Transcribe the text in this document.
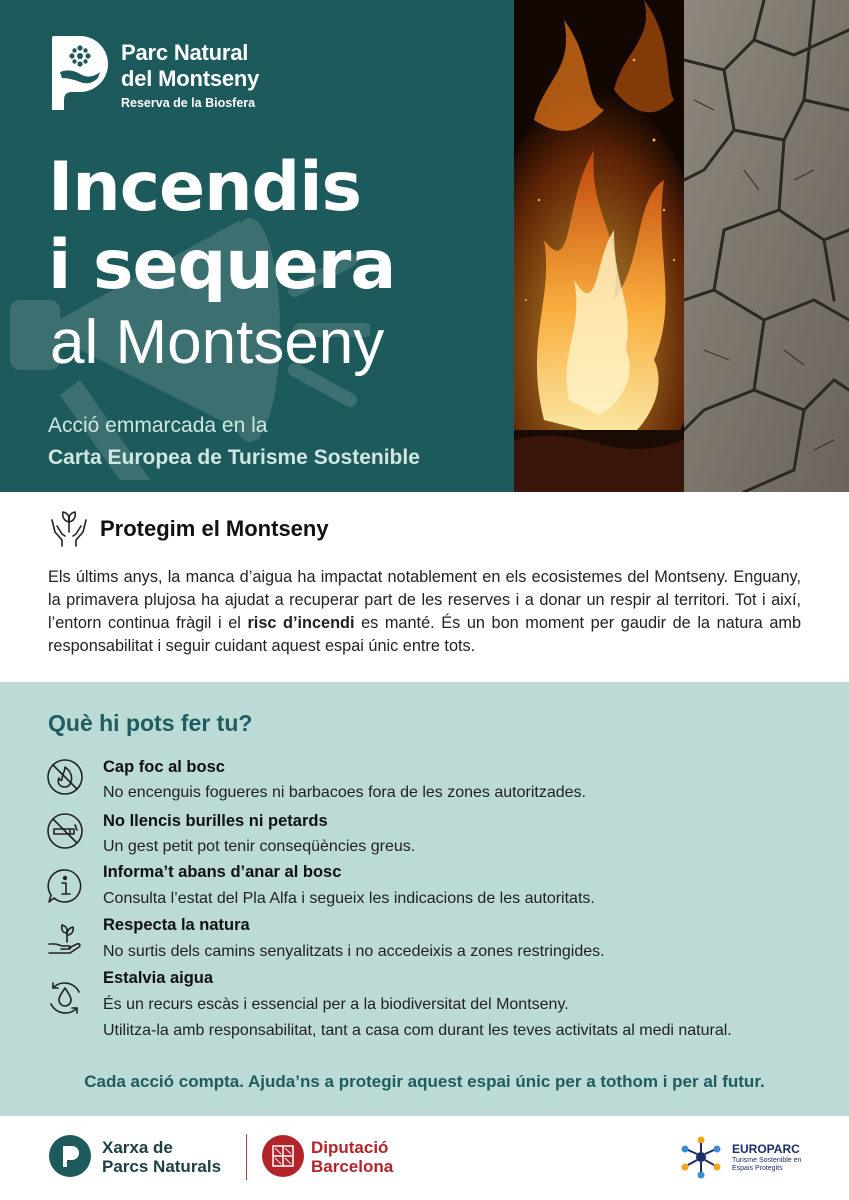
Parc Natural
del Montseny
Reserva de la Biosfera
Incendis
i sequera
al Montseny
Acció emmarcada en la
Carta Europea de Turisme Sostenible
Protegim el Montseny

Els últims anys, la manca d’aigua ha impactat notablement en els ecosistemes del Montseny. Enguany, la primavera plujosa ha ajudat a recuperar part de les reserves i a donar un respir al territori. Tot i així, l’entorn continua fràgil i el risc d’incendi es manté. És un bon moment per gaudir de la natura amb responsabilitat i seguir cuidant aquest espai únic entre tots.

Què hi pots fer tu?
Cap foc al bosc
No encenguis fogueres ni barbacoes fora de les zones autoritzades.
No llencis burilles ni petards
Un gest petit pot tenir conseqüències greus.
Informa’t abans d’anar al bosc
Consulta l’estat del Pla Alfa i segueix les indicacions de les autoritats.
Respecta la natura
No surtis dels camins senyalitzats i no accedeixis a zones restringides.
Estalvia aigua
És un recurs escàs i essencial per a la biodiversitat del Montseny.
Utilitza-la amb responsabilitat, tant a casa com durant les teves activitats al medi natural.
Cada acció compta. Ajuda’ns a protegir aquest espai únic per a tothom i per al futur.
Xarxa de
Parcs Naturals
Diputació
Barcelona
EUROPARC
Turisme Sostenible en
Espais Protegits
